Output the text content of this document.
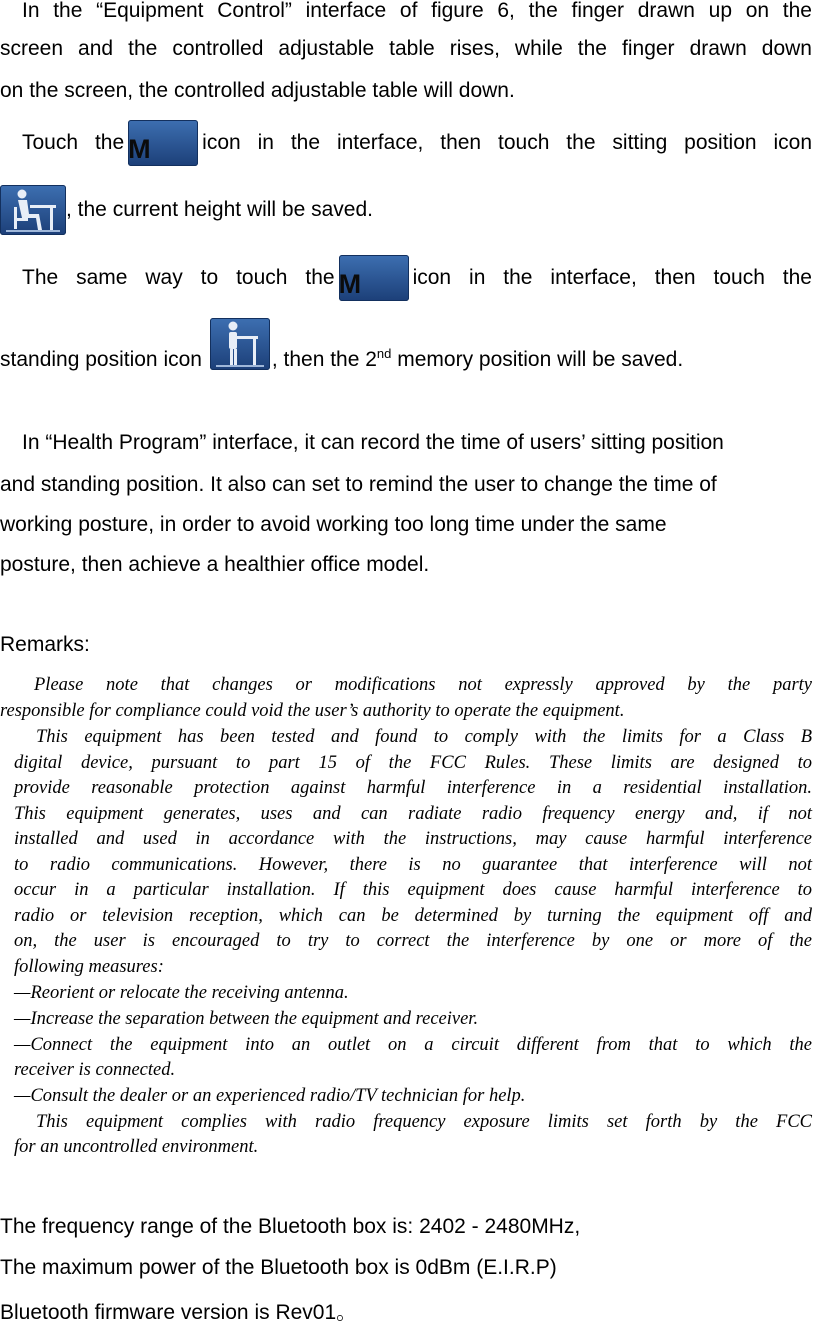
In the “Equipment Control” interface of figure 6, the finger drawn up on the
screen and the controlled adjustable table rises, while the finger drawn down
on the screen, the controlled adjustable table will down.
Touch the M	icon in the interface, then touch the sitting position icon
, the current height will be saved.
The same way to touch the M	icon in the interface, then touch the
standing position icon	, then the 2nd memory position will be saved.
In “Health Program” interface, it can record the time of users’ sitting position
and standing position. It also can set to remind the user to change the time of
working posture, in order to avoid working too long time under the same
posture, then achieve a healthier office model.
Remarks:
Please note that changes or modifications not expressly approved by the party
responsible for compliance could void the user’s authority to operate the equipment.
This equipment has been tested and found to comply with the limits for a Class B
digital device, pursuant to part 15 of the FCC Rules. These limits are designed to
provide reasonable protection against harmful interference in a residential installation.
This equipment generates, uses and can radiate radio frequency energy and, if not
installed and used in accordance with the instructions, may cause harmful interference
to radio communications. However, there is no guarantee that interference will not
occur in a particular installation. If this equipment does cause harmful interference to
radio or television reception, which can be determined by turning the equipment off and
on, the user is encouraged to try to correct the interference by one or more of the
following measures:
—Reorient or relocate the receiving antenna.
—Increase the separation between the equipment and receiver.
—Connect the equipment into an outlet on a circuit different from that to which the
receiver is connected.
—Consult the dealer or an experienced radio/TV technician for help.
This equipment complies with radio frequency exposure limits set forth by the FCC
for an uncontrolled environment.
The frequency range of the Bluetooth box is: 2402 - 2480MHz,
The maximum power of the Bluetooth box is 0dBm (E.I.R.P)
Bluetooth firmware version is Rev01。
